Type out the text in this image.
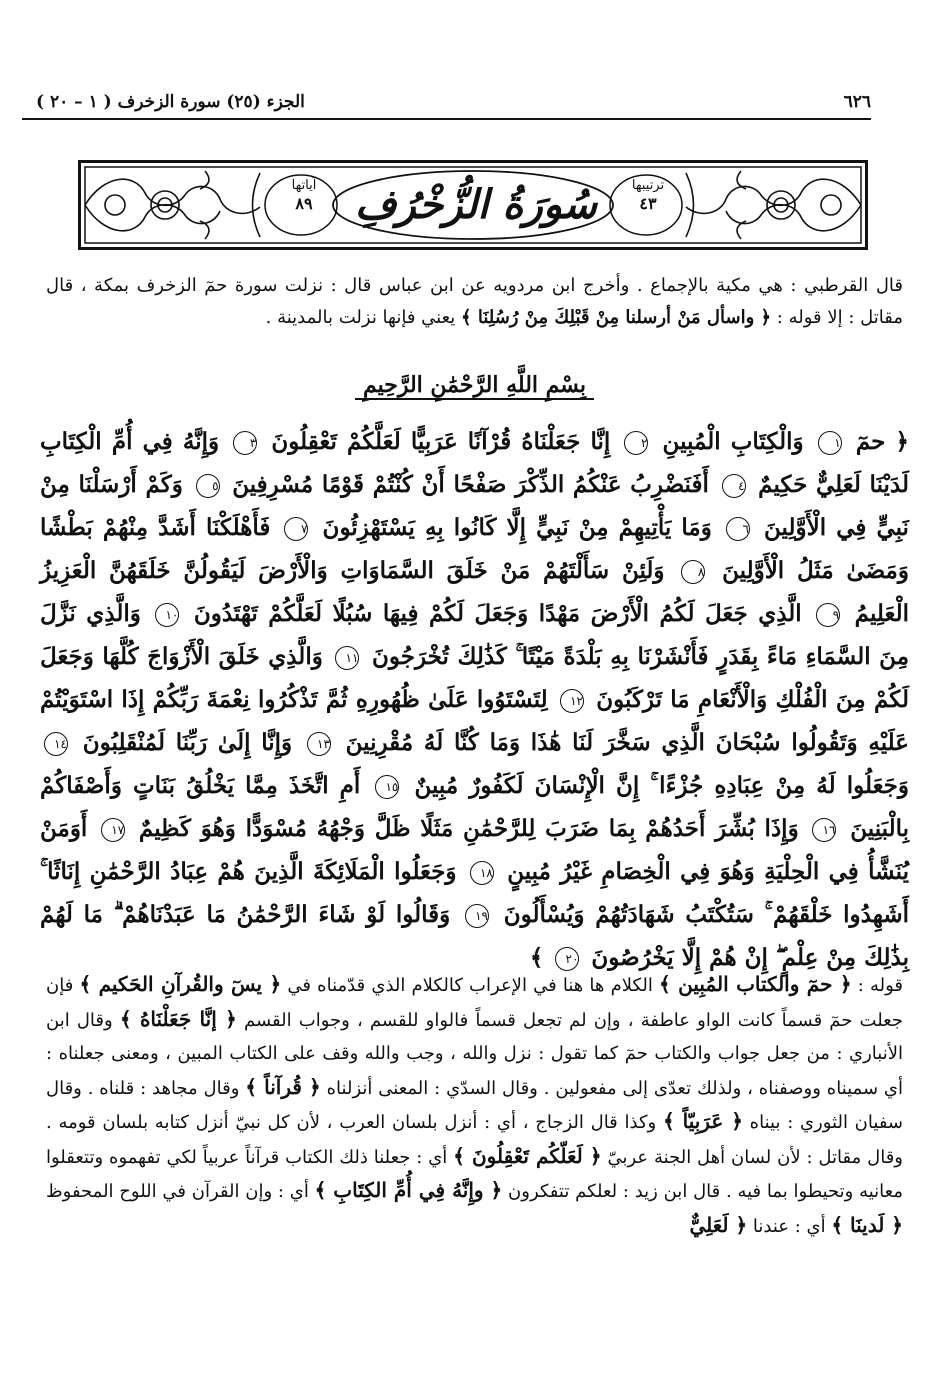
٦٢٦
الجزء (٢٥) سورة الزخرف ( ١ – ٢٠ )
ترتيبها
٤٣
سُورَةُ الزُّخْرُفِ
آياتها
٨٩
قال القرطبي : هي مكية بالإجماع . وأخرج ابن مردويه عن ابن عباس قال : نزلت سورة حمٓ الزخرف بمكة ، قال مقاتل : إلا قوله : ﴿ واسأل مَنْ أرسلنا مِنْ قَبْلِكَ مِنْ رُسُلِنَا ﴾ يعني فإنها نزلت بالمدينة .
بِسْمِ اللَّهِ الرَّحْمَٰنِ الرَّحِيمِ
﴿ حمٓ ١ وَالْكِتَابِ الْمُبِينِ ٢ إِنَّا جَعَلْنَاهُ قُرْآنًا عَرَبِيًّا لَعَلَّكُمْ تَعْقِلُونَ ٣ وَإِنَّهُ فِي أُمِّ الْكِتَابِ لَدَيْنَا لَعَلِيٌّ حَكِيمٌ ٤ أَفَنَضْرِبُ عَنْكُمُ الذِّكْرَ صَفْحًا أَنْ كُنْتُمْ قَوْمًا مُسْرِفِينَ ٥ وَكَمْ أَرْسَلْنَا مِنْ نَبِيٍّ فِي الْأَوَّلِينَ ٦ وَمَا يَأْتِيهِمْ مِنْ نَبِيٍّ إِلَّا كَانُوا بِهِ يَسْتَهْزِئُونَ ٧ فَأَهْلَكْنَا أَشَدَّ مِنْهُمْ بَطْشًا وَمَضَىٰ مَثَلُ الْأَوَّلِينَ ٨ وَلَئِنْ سَأَلْتَهُمْ مَنْ خَلَقَ السَّمَاوَاتِ وَالْأَرْضَ لَيَقُولُنَّ خَلَقَهُنَّ الْعَزِيزُ الْعَلِيمُ ٩ الَّذِي جَعَلَ لَكُمُ الْأَرْضَ مَهْدًا وَجَعَلَ لَكُمْ فِيهَا سُبُلًا لَعَلَّكُمْ تَهْتَدُونَ ١٠ وَالَّذِي نَزَّلَ مِنَ السَّمَاءِ مَاءً بِقَدَرٍ فَأَنْشَرْنَا بِهِ بَلْدَةً مَيْتًا ۚ كَذَٰلِكَ تُخْرَجُونَ ١١ وَالَّذِي خَلَقَ الْأَزْوَاجَ كُلَّهَا وَجَعَلَ لَكُمْ مِنَ الْفُلْكِ وَالْأَنْعَامِ مَا تَرْكَبُونَ ١٢ لِتَسْتَوُوا عَلَىٰ ظُهُورِهِ ثُمَّ تَذْكُرُوا نِعْمَةَ رَبِّكُمْ إِذَا اسْتَوَيْتُمْ عَلَيْهِ وَتَقُولُوا سُبْحَانَ الَّذِي سَخَّرَ لَنَا هَٰذَا وَمَا كُنَّا لَهُ مُقْرِنِينَ ١٣ وَإِنَّا إِلَىٰ رَبِّنَا لَمُنْقَلِبُونَ ١٤ وَجَعَلُوا لَهُ مِنْ عِبَادِهِ جُزْءًا ۚ إِنَّ الْإِنْسَانَ لَكَفُورٌ مُبِينٌ ١٥ أَمِ اتَّخَذَ مِمَّا يَخْلُقُ بَنَاتٍ وَأَصْفَاكُمْ بِالْبَنِينَ ١٦ وَإِذَا بُشِّرَ أَحَدُهُمْ بِمَا ضَرَبَ لِلرَّحْمَٰنِ مَثَلًا ظَلَّ وَجْهُهُ مُسْوَدًّا وَهُوَ كَظِيمٌ ١٧ أَوَمَنْ يُنَشَّأُ فِي الْحِلْيَةِ وَهُوَ فِي الْخِصَامِ غَيْرُ مُبِينٍ ١٨ وَجَعَلُوا الْمَلَائِكَةَ الَّذِينَ هُمْ عِبَادُ الرَّحْمَٰنِ إِنَاثًا ۚ أَشَهِدُوا خَلْقَهُمْ ۚ سَتُكْتَبُ شَهَادَتُهُمْ وَيُسْأَلُونَ ١٩ وَقَالُوا لَوْ شَاءَ الرَّحْمَٰنُ مَا عَبَدْنَاهُمْ ۗ مَا لَهُمْ بِذَٰلِكَ مِنْ عِلْمٍ ۖ إِنْ هُمْ إِلَّا يَخْرُصُونَ ٢٠ ﴾
قوله : ﴿ حمٓ والكتاب المُبِين ﴾ الكلام ها هنا في الإعراب كالكلام الذي قدّمناه في ﴿ يسٓ والقُرآنِ الحَكيم ﴾ فإن جعلت حمٓ قسماً كانت الواو عاطفة ، وإن لم تجعل قسماً فالواو للقسم ، وجواب القسم ﴿ إنَّا جَعَلْنَاهُ ﴾ وقال ابن الأنباري : من جعل جواب والكتاب حمٓ كما تقول : نزل والله ، وجب والله وقف على الكتاب المبين ، ومعنى جعلناه : أي سميناه ووصفناه ، ولذلك تعدّى إلى مفعولين . وقال السدّي : المعنى أنزلناه ﴿ قُرآناً ﴾ وقال مجاهد : قلناه . وقال سفيان الثوري : بيناه ﴿ عَرَبِيّاً ﴾ وكذا قال الزجاج ، أي : أنزل بلسان العرب ، لأن كل نبيّ أنزل كتابه بلسان قومه . وقال مقاتل : لأن لسان أهل الجنة عربيّ ﴿ لَعَلّكُم تَعْقِلُونَ ﴾ أي : جعلنا ذلك الكتاب قرآناً عربياً لكي تفهموه وتتعقلوا معانيه وتحيطوا بما فيه . قال ابن زيد : لعلكم تتفكرون ﴿ وإِنَّهُ فِي أُمِّ الكِتَابِ ﴾ أي : وإن القرآن في اللوح المحفوظ ﴿ لَدينَا ﴾ أي : عندنا ﴿ لَعَلِيٌّ
